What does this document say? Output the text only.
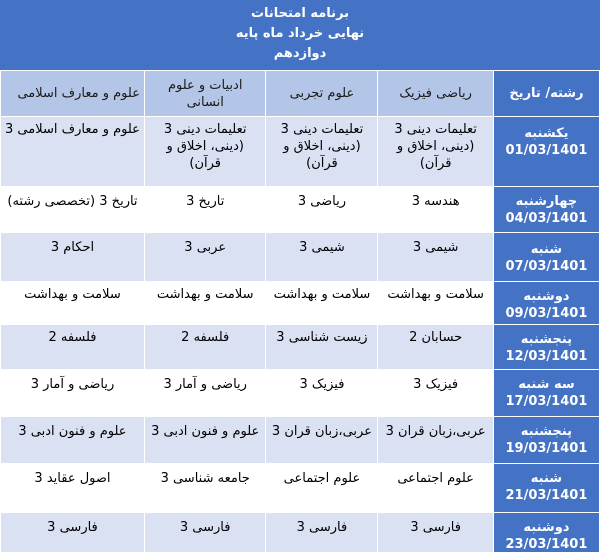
برنامه امتحانات
نهایی خرداد ماه پایه
دوازدهم
رشته/ تاریخ	ریاضی فیزیک	علوم تجربی	ادبیات و علوم انسانی	علوم و معارف اسلامی

یکشنبه
01/03/1401	تعلیمات دینی 3 (دینی، اخلاق و قرآن)	تعلیمات دینی 3 (دینی، اخلاق و قرآن)	تعلیمات دینی 3 (دینی، اخلاق و قرآن)	علوم و معارف اسلامی 3

چهارشنبه
04/03/1401	هندسه 3	ریاضی 3	تاریخ 3	تاریخ 3 (تخصصی رشته)

شنبه
07/03/1401	شیمی 3	شیمی 3	عربی 3	احکام 3

دوشنبه
09/03/1401	سلامت و بهداشت	سلامت و بهداشت	سلامت و بهداشت	سلامت و بهداشت

پنجشنبه
12/03/1401	حسابان 2	زیست شناسی 3	فلسفه 2	فلسفه 2

سه شنبه
17/03/1401	فیزیک 3	فیزیک 3	ریاضی و آمار 3	ریاضی و آمار 3

پنجشنبه
19/03/1401	عربی،زبان قران 3	عربی،زبان قران 3	علوم و فنون ادبی 3	علوم و فنون ادبی 3

شنبه
21/03/1401	علوم اجتماعی	علوم اجتماعی	جامعه شناسی 3	اصول عقاید 3

دوشنبه
23/03/1401	فارسی 3	فارسی 3	فارسی 3	فارسی 3
